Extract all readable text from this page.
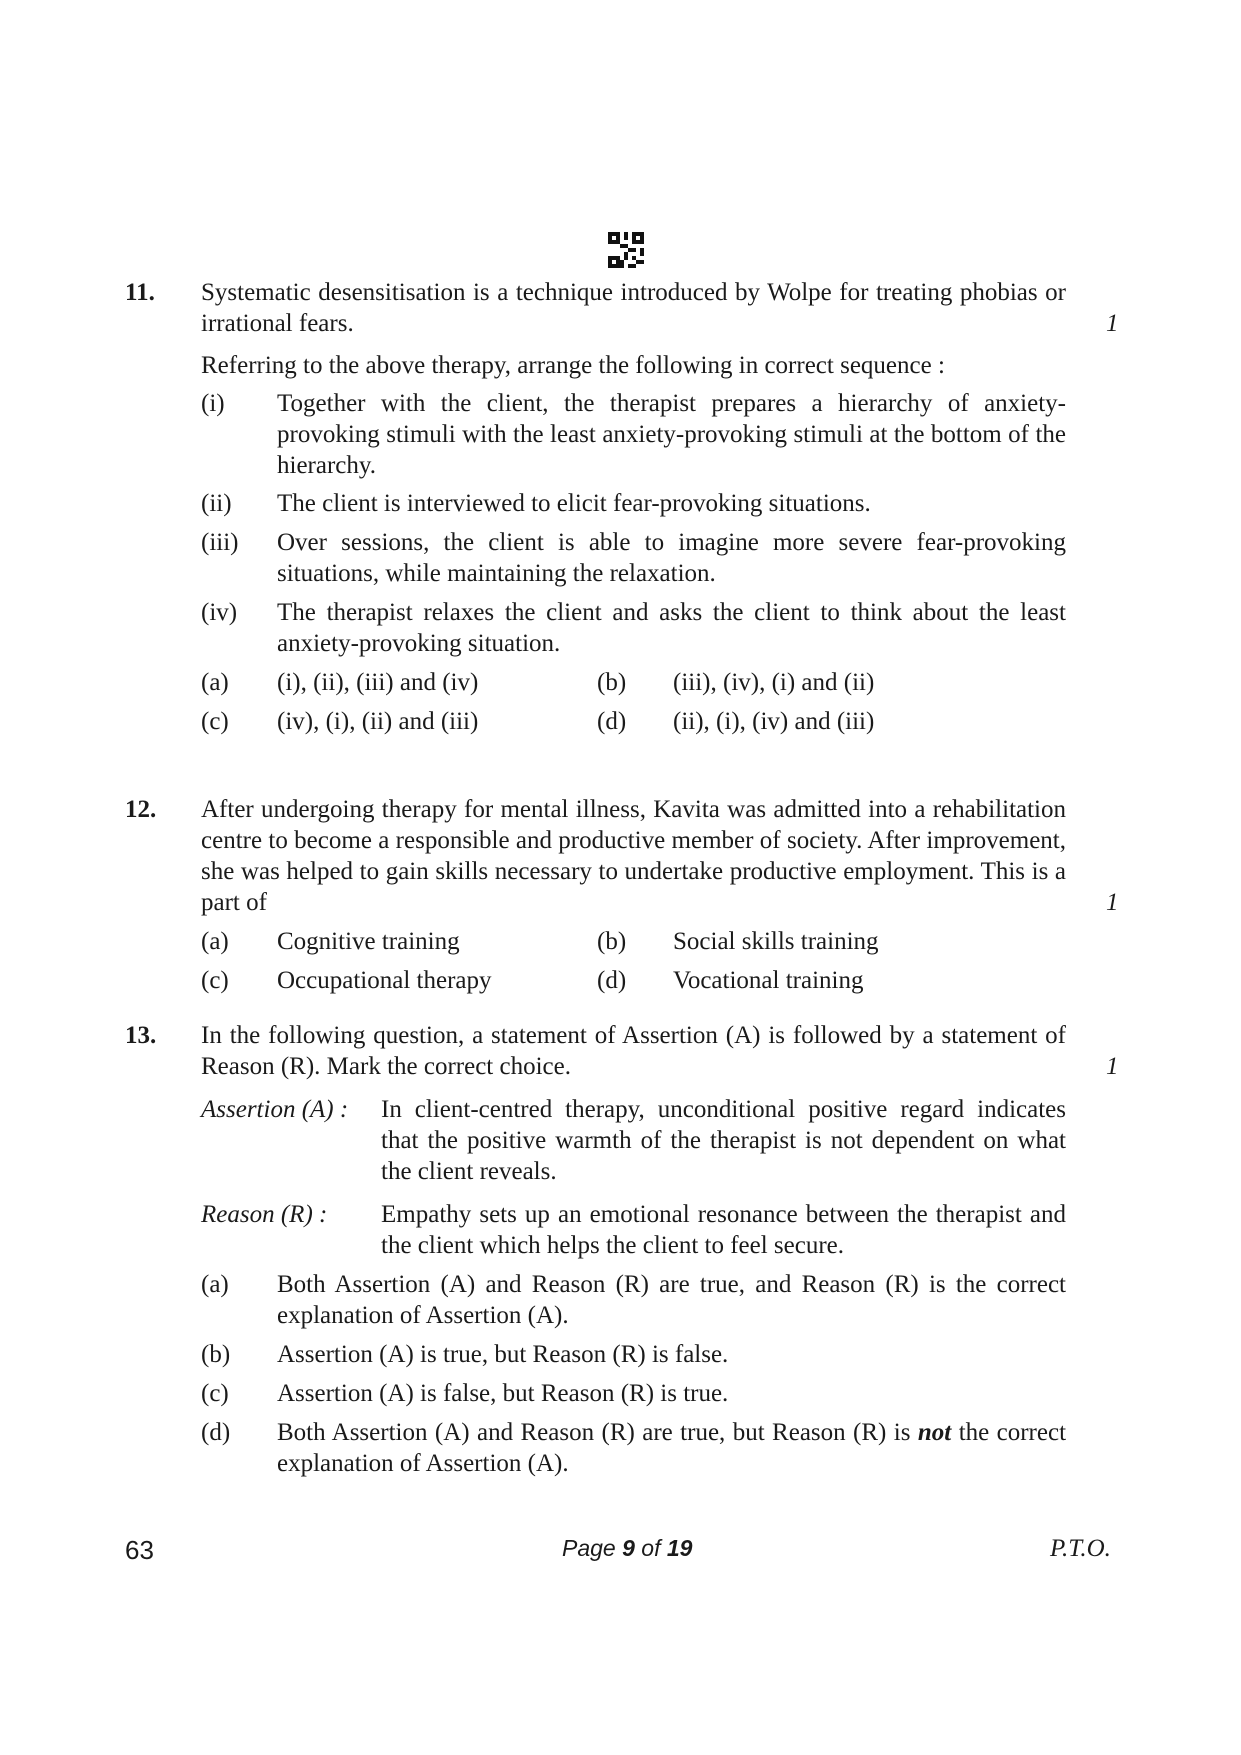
11. Systematic desensitisation is a technique introduced by Wolpe for treating phobias or irrational fears.

Referring to the above therapy, arrange the following in correct sequence :

(i) Together with the client, the therapist prepares a hierarchy of anxiety-provoking stimuli with the least anxiety-provoking stimuli at the bottom of the hierarchy.
(ii) The client is interviewed to elicit fear-provoking situations.
(iii) Over sessions, the client is able to imagine more severe fear-provoking situations, while maintaining the relaxation.
(iv) The therapist relaxes the client and asks the client to think about the least anxiety-provoking situation.
(a) (i), (ii), (iii) and (iv)	(b) (iii), (iv), (i) and (ii)
(c) (iv), (i), (ii) and (iii)	(d) (ii), (i), (iv) and (iii)
1
12. After undergoing therapy for mental illness, Kavita was admitted into a rehabilitation centre to become a responsible and productive member of society. After improvement, she was helped to gain skills necessary to undertake productive employment. This is a part of

(a) Cognitive training	(b) Social skills training
(c) Occupational therapy	(d) Vocational training
1
13. In the following question, a statement of Assertion (A) is followed by a statement of Reason (R). Mark the correct choice.

Assertion (A) : In client-centred therapy, unconditional positive regard indicates that the positive warmth of the therapist is not dependent on what the client reveals.
Reason (R) : Empathy sets up an emotional resonance between the therapist and the client which helps the client to feel secure.
(a) Both Assertion (A) and Reason (R) are true, and Reason (R) is the correct explanation of Assertion (A).
(b) Assertion (A) is true, but Reason (R) is false.
(c) Assertion (A) is false, but Reason (R) is true.
(d) Both Assertion (A) and Reason (R) are true, but Reason (R) is not the correct explanation of Assertion (A).
1
63	Page 9 of 19	P.T.O.
